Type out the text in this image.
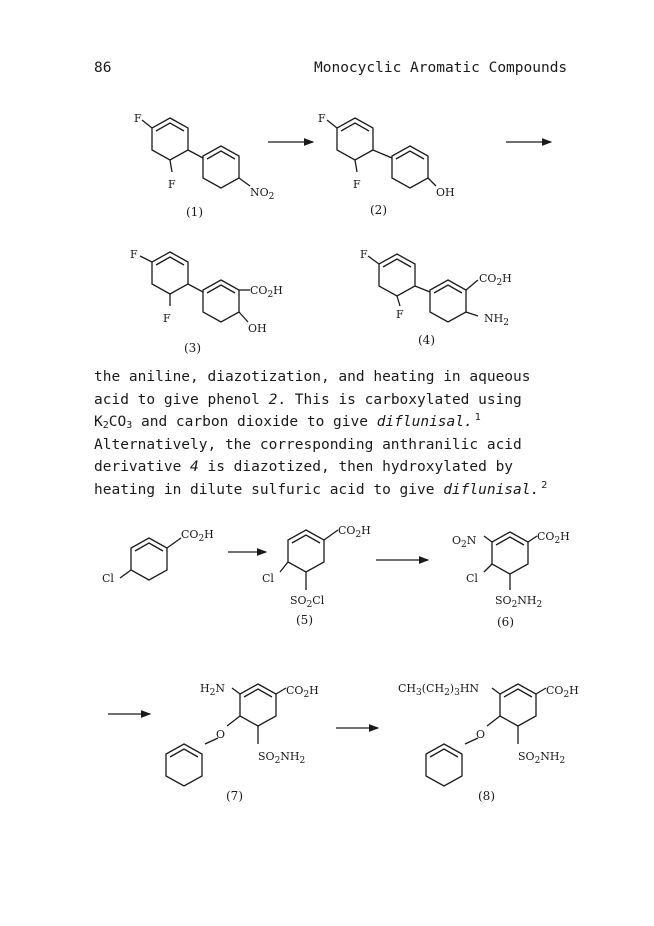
86	Monocyclic Aromatic Compounds
F
F
$NO_2$
(1)
F
F
OH
(2)
F
F
$CO_2H$
OH
(3)
F
F
$CO_2H$
$NH_2$
(4)
$CO_2H$
Cl
$CO_2H$
Cl
$SO_2Cl$
(5)
$CO_2H$
$O_2N$
Cl
$SO_2NH_2$
(6)
$H_2N$	$CO_2H$
O
$SO_2NH_2$
(7)
$CH_3(CH_2)_3HN$	$CO_2H$
O
$SO_2NH_2$
(8)
the aniline, diazotization, and heating in aqueous
acid to give phenol 2. This is carboxylated using
$K_2CO_3$ and carbon dioxide to give diflunisal. $^1$
Alternatively, the corresponding anthranilic acid
derivative 4 is diazotized, then hydroxylated by
heating in dilute sulfuric acid to give diflunisal. $^2$
